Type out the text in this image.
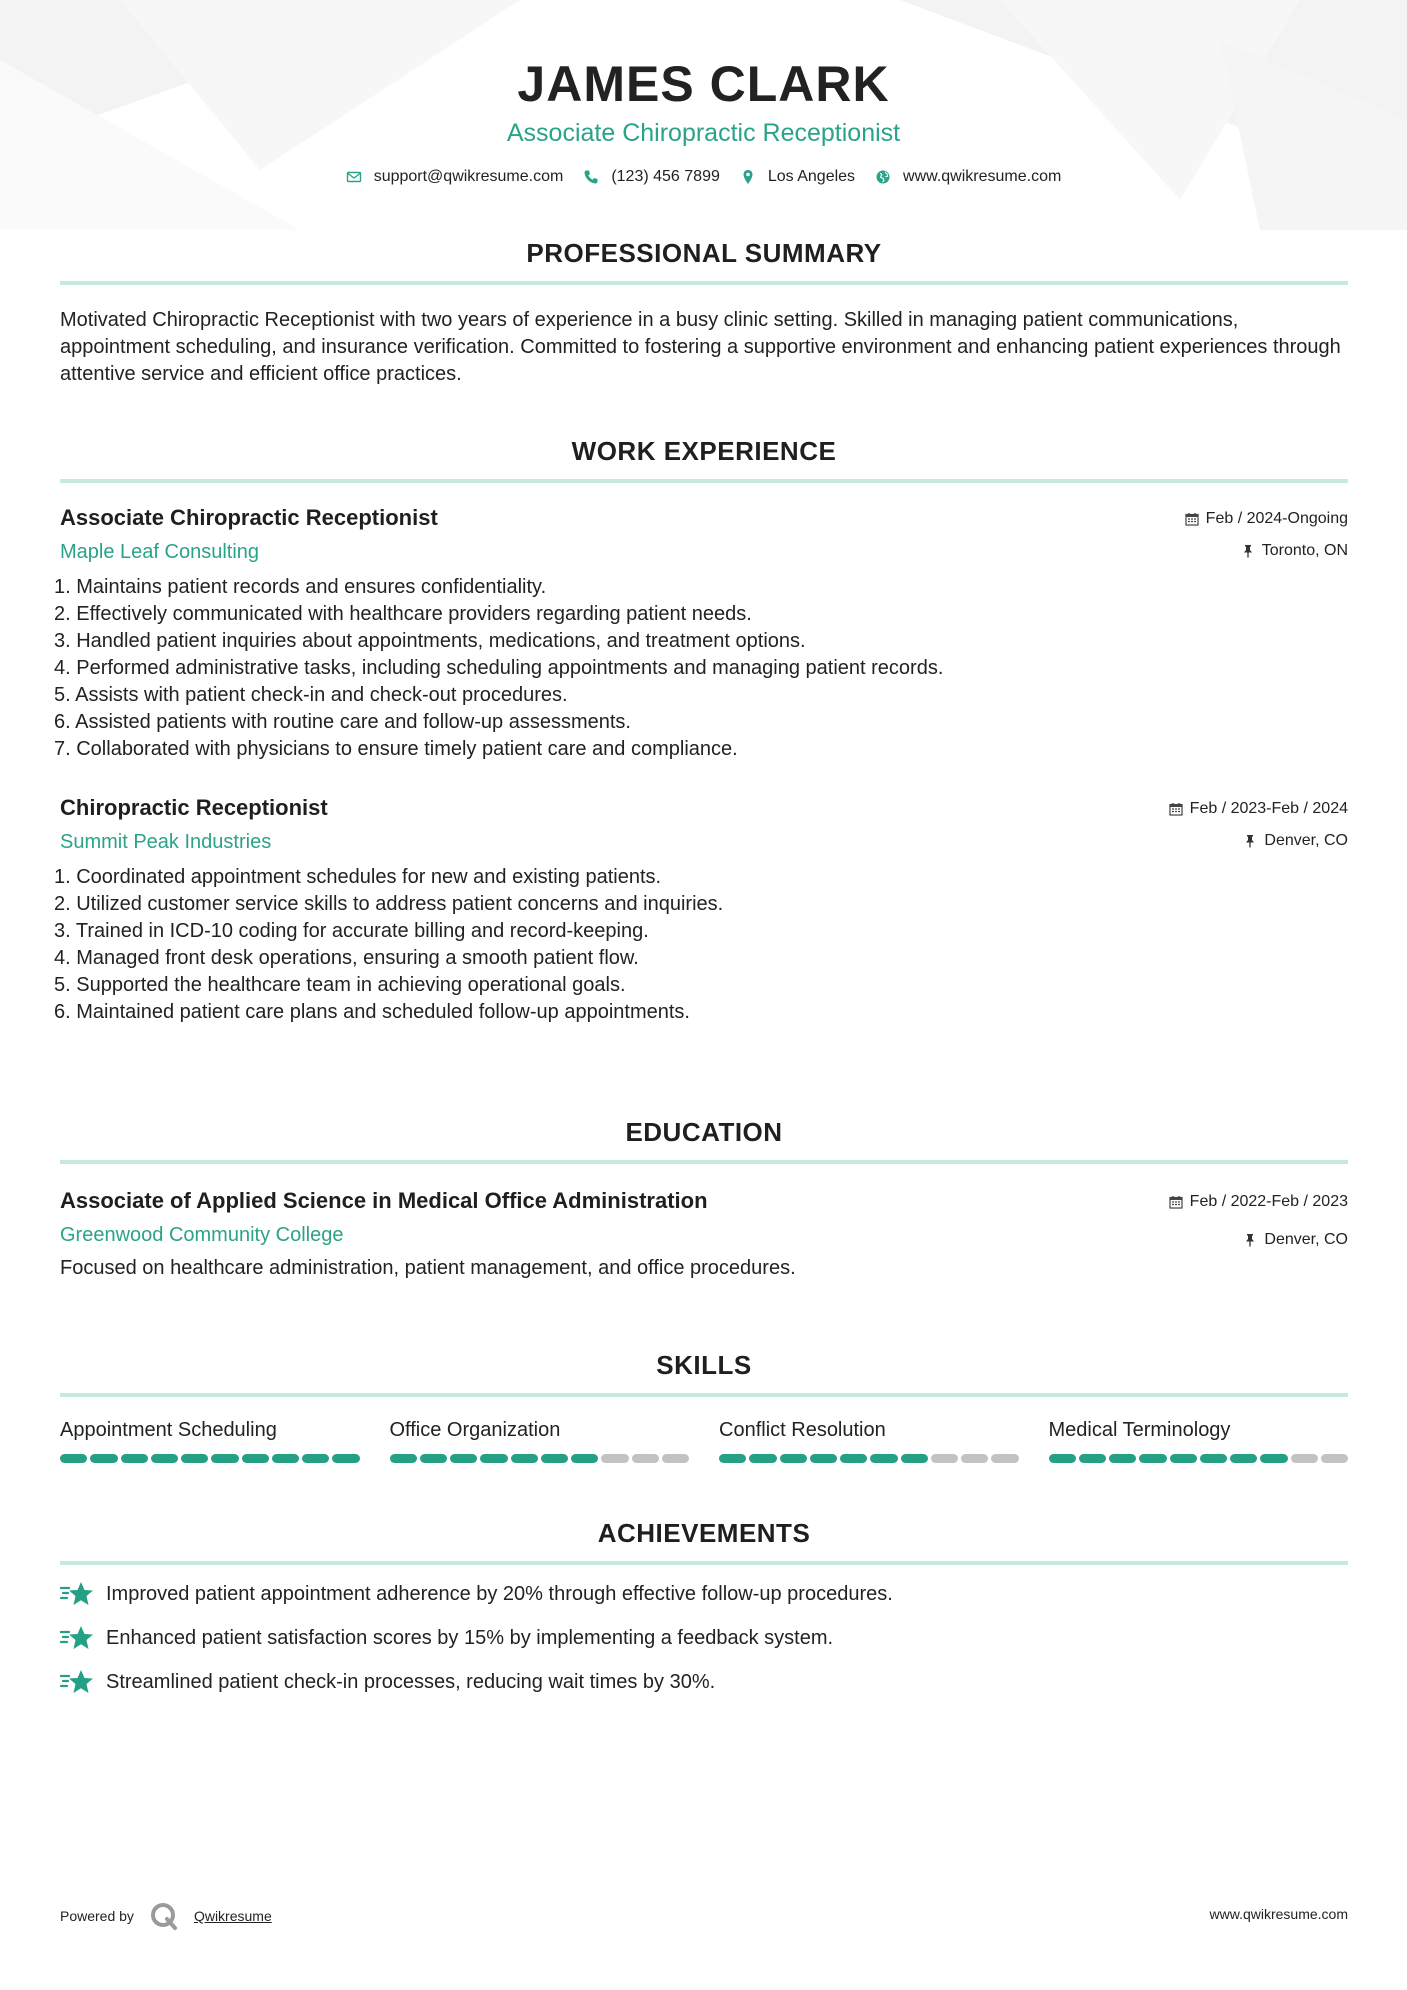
JAMES CLARK
Associate Chiropractic Receptionist
support@qwikresume.com	(123) 456 7899	Los Angeles	www.qwikresume.com
PROFESSIONAL SUMMARY
Motivated Chiropractic Receptionist with two years of experience in a busy clinic setting. Skilled in managing patient communications, appointment scheduling, and insurance verification. Committed to fostering a supportive environment and enhancing patient experiences through attentive service and efficient office practices.
WORK EXPERIENCE
Associate Chiropractic Receptionist
Maple Leaf Consulting
Feb / 2024-Ongoing
Toronto, ON
1. Maintains patient records and ensures confidentiality.
2. Effectively communicated with healthcare providers regarding patient needs.
3. Handled patient inquiries about appointments, medications, and treatment options.
4. Performed administrative tasks, including scheduling appointments and managing patient records.
5. Assists with patient check-in and check-out procedures.
6. Assisted patients with routine care and follow-up assessments.
7. Collaborated with physicians to ensure timely patient care and compliance.
Chiropractic Receptionist
Summit Peak Industries
Feb / 2023-Feb / 2024
Denver, CO
1. Coordinated appointment schedules for new and existing patients.
2. Utilized customer service skills to address patient concerns and inquiries.
3. Trained in ICD-10 coding for accurate billing and record-keeping.
4. Managed front desk operations, ensuring a smooth patient flow.
5. Supported the healthcare team in achieving operational goals.
6. Maintained patient care plans and scheduled follow-up appointments.
EDUCATION
Associate of Applied Science in Medical Office Administration
Greenwood Community College
Feb / 2022-Feb / 2023
Denver, CO
Focused on healthcare administration, patient management, and office procedures.
SKILLS
Appointment Scheduling	Office Organization	Conflict Resolution	Medical Terminology
ACHIEVEMENTS
Improved patient appointment adherence by 20% through effective follow-up procedures.
Enhanced patient satisfaction scores by 15% by implementing a feedback system.
Streamlined patient check-in processes, reducing wait times by 30%.
Powered by	Qwikresume	www.qwikresume.com
